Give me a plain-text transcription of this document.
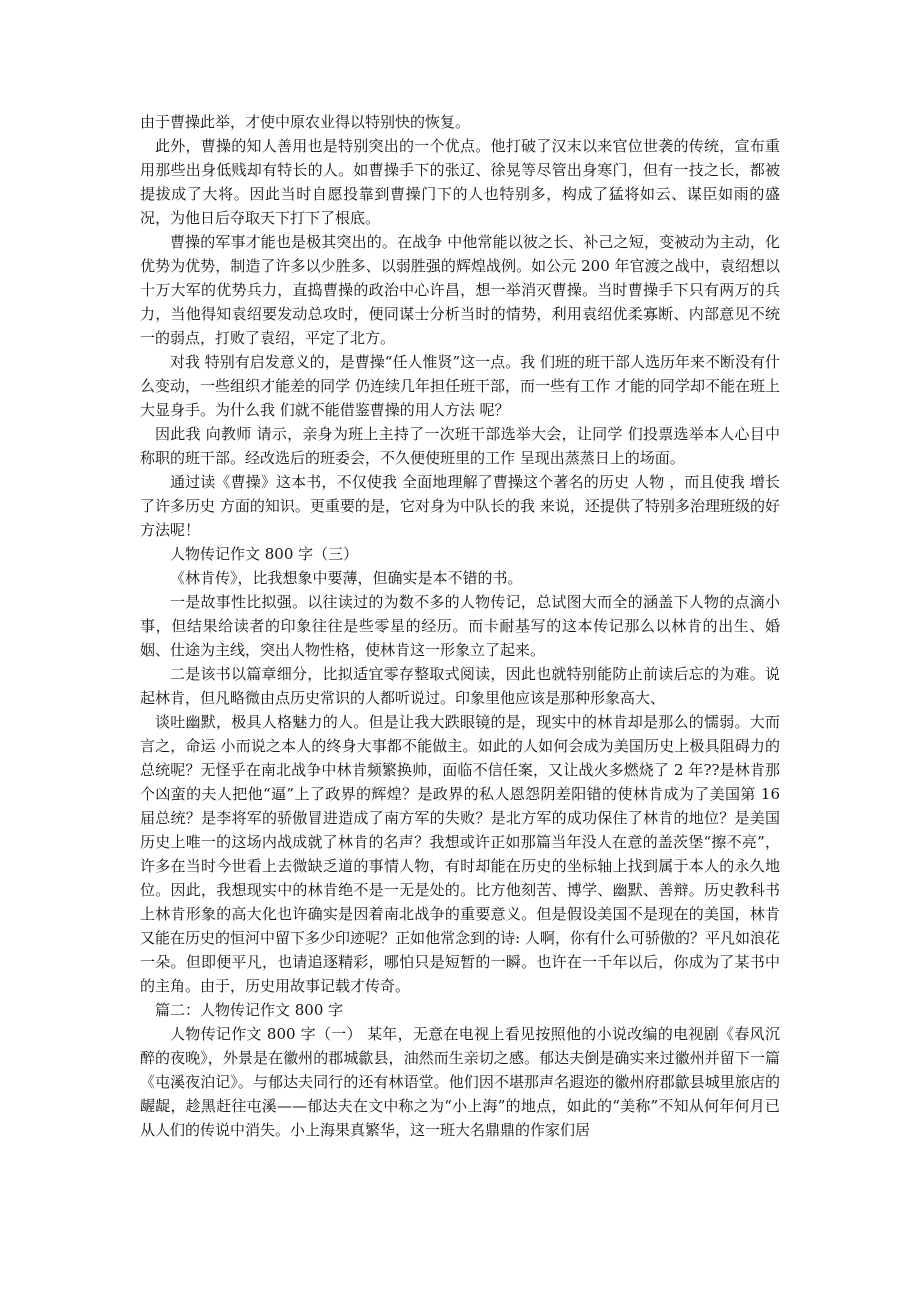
由于曹操此举，才使中原农业得以特别快的恢复。

此外，曹操的知人善用也是特别突出的一个优点。他打破了汉末以来官位世袭的传统，宣布重用那些出身低贱却有特长的人。如曹操手下的张辽、徐晃等尽管出身寒门，但有一技之长，都被提拔成了大将。因此当时自愿投靠到曹操门下的人也特别多，构成了猛将如云、谋臣如雨的盛况，为他日后夺取天下打下了根底。

曹操的军事才能也是极其突出的。在战争 中他常能以彼之长、补己之短，变被动为主动，化优势为优势，制造了许多以少胜多、以弱胜强的辉煌战例。如公元 200 年官渡之战中，袁绍想以十万大军的优势兵力，直捣曹操的政治中心许昌，想一举消灭曹操。当时曹操手下只有两万的兵力，当他得知袁绍要发动总攻时，便同谋士分析当时的情势，利用袁绍优柔寡断、内部意见不统一的弱点，打败了袁绍，平定了北方。

对我 特别有启发意义的，是曹操“任人惟贤”这一点。我 们班的班干部人选历年来不断没有什么变动，一些组织才能差的同学 仍连续几年担任班干部，而一些有工作 才能的同学却不能在班上大显身手。为什么我 们就不能借鉴曹操的用人方法 呢？

因此我 向教师 请示，亲身为班上主持了一次班干部选举大会，让同学 们投票选举本人心目中称职的班干部。经改选后的班委会，不久便使班里的工作 呈现出蒸蒸日上的场面。

通过读《曹操》这本书，不仅使我 全面地理解了曹操这个著名的历史 人物 ，而且使我 增长了许多历史 方面的知识。更重要的是，它对身为中队长的我 来说，还提供了特别多治理班级的好方法呢！

人物传记作文 800 字（三）

《林肯传》，比我想象中要薄，但确实是本不错的书。

一是故事性比拟强。以往读过的为数不多的人物传记，总试图大而全的涵盖下人物的点滴小事，但结果给读者的印象往往是些零星的经历。而卡耐基写的这本传记那么以林肯的出生、婚姻、仕途为主线，突出人物性格，使林肯这一形象立了起来。

二是该书以篇章细分，比拟适宜零存整取式阅读，因此也就特别能防止前读后忘的为难。说起林肯，但凡略微由点历史常识的人都听说过。印象里他应该是那种形象高大、

谈吐幽默，极具人格魅力的人。但是让我大跌眼镜的是，现实中的林肯却是那么的懦弱。大而言之，命运 小而说之本人的终身大事都不能做主。如此的人如何会成为美国历史上极具阻碍力的总统呢？无怪乎在南北战争中林肯频繁换帅，面临不信任案，又让战火多燃烧了 2 年??是林肯那个凶蛮的夫人把他“逼”上了政界的辉煌？是政界的私人恩怨阴差阳错的使林肯成为了美国第 16 届总统？是李将军的骄傲冒进造成了南方军的失败？是北方军的成功保住了林肯的地位？是美国历史上唯一的这场内战成就了林肯的名声？我想或许正如那篇当年没人在意的盖茨堡“擦不亮”，许多在当时今世看上去微缺乏道的事情人物，有时却能在历史的坐标轴上找到属于本人的永久地位。因此，我想现实中的林肯绝不是一无是处的。比方他刻苦、博学、幽默、善辩。历史教科书上林肯形象的高大化也许确实是因着南北战争的重要意义。但是假设美国不是现在的美国，林肯又能在历史的恒河中留下多少印迹呢？正如他常念到的诗: 人啊，你有什么可骄傲的？平凡如浪花一朵。但即便平凡，也请追逐精彩，哪怕只是短暂的一瞬。也许在一千年以后，你成为了某书中的主角。由于，历史用故事记载才传奇。

篇二：人物传记作文 800 字

人物传记作文 800 字（一） 某年，无意在电视上看见按照他的小说改编的电视剧《春风沉醉的夜晚》，外景是在徽州的郡城歙县，油然而生亲切之感。郁达夫倒是确实来过徽州并留下一篇《屯溪夜泊记》。与郁达夫同行的还有林语堂。他们因不堪那声名遐迩的徽州府郡歙县城里旅店的龌龊，趁黑赶往屯溪——郁达夫在文中称之为“小上海”的地点，如此的“美称”不知从何年何月已从人们的传说中消失。小上海果真繁华，这一班大名鼎鼎的作家们居
